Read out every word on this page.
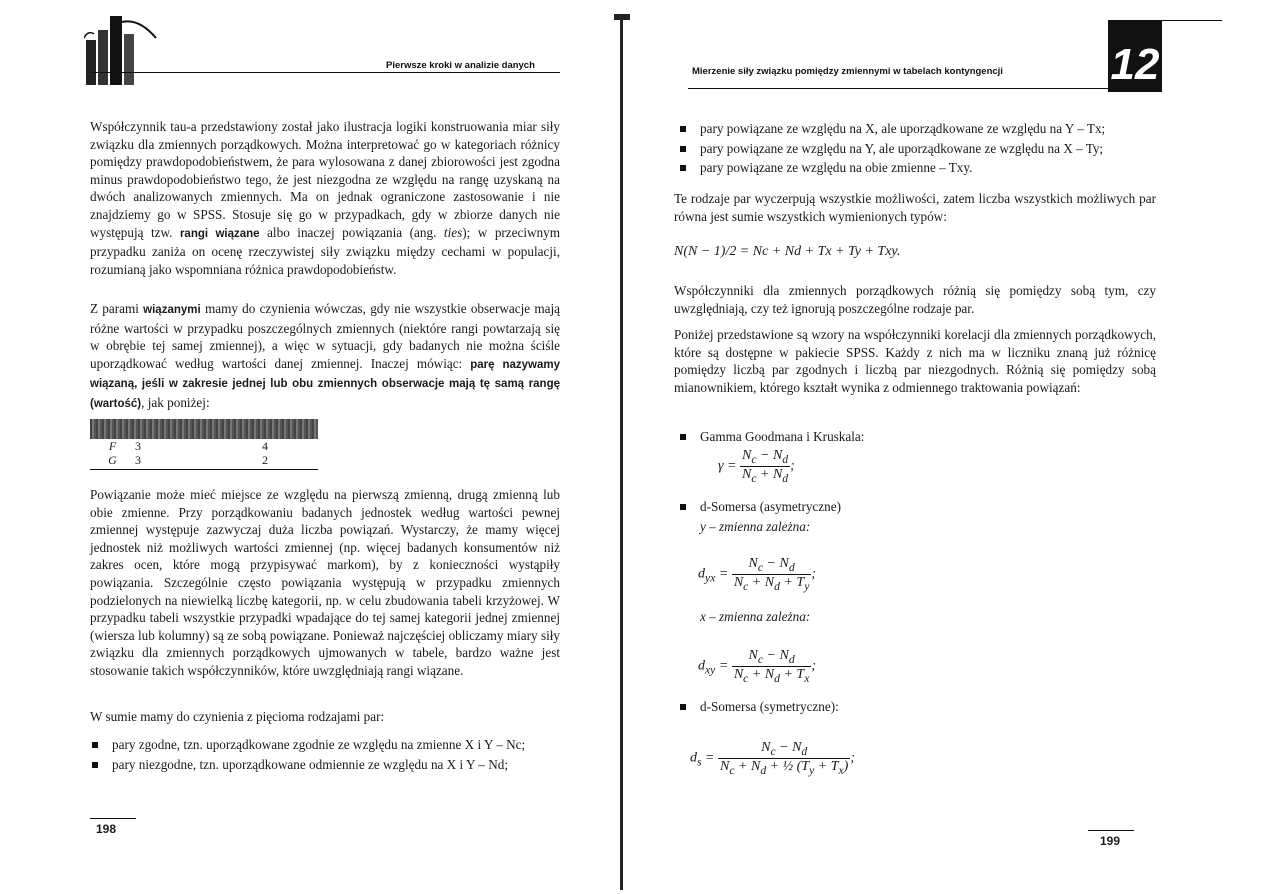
Pierwsze kroki w analizie danych

Współczynnik tau-a przedstawiony został jako ilustracja logiki konstruowania miar siły związku dla zmiennych porządkowych. Można interpretować go w kategoriach różnicy pomiędzy prawdopodobieństwem, że para wylosowana z danej zbiorowości jest zgodna minus prawdopodobieństwo tego, że jest niezgodna ze względu na rangę uzyskaną na dwóch analizowanych zmiennych. Ma on jednak ograniczone zastosowanie i nie znajdziemy go w SPSS. Stosuje się go w przypadkach, gdy w zbiorze danych nie występują tzw. rangi wiązane albo inaczej powiązania (ang. ties); w przeciwnym przypadku zaniża on ocenę rzeczywistej siły związku między cechami w populacji, rozumianą jako wspomniana różnica prawdopodobieństw.

Z parami wiązanymi mamy do czynienia wówczas, gdy nie wszystkie obserwacje mają różne wartości w przypadku poszczególnych zmiennych (niektóre rangi powtarzają się w obrębie tej samej zmiennej), a więc w sytuacji, gdy badanych nie można ściśle uporządkować według wartości danej zmiennej. Inaczej mówiąc: parę nazywamy wiązaną, jeśli w zakresie jednej lub obu zmiennych obserwacje mają tę samą rangę (wartość), jak poniżej:

F	3	4
G	3	2

Powiązanie może mieć miejsce ze względu na pierwszą zmienną, drugą zmienną lub obie zmienne. Przy porządkowaniu badanych jednostek według wartości pewnej zmiennej występuje zazwyczaj duża liczba powiązań. Wystarczy, że mamy więcej jednostek niż możliwych wartości zmiennej (np. więcej badanych konsumentów niż zakres ocen, które mogą przypisywać markom), by z konieczności wystąpiły powiązania. Szczególnie często powiązania występują w przypadku zmiennych podzielonych na niewielką liczbę kategorii, np. w celu zbudowania tabeli krzyżowej. W przypadku tabeli wszystkie przypadki wpadające do tej samej kategorii jednej zmiennej (wiersza lub kolumny) są ze sobą powiązane. Ponieważ najczęściej obliczamy miary siły związku dla zmiennych porządkowych ujmowanych w tabele, bardzo ważne jest stosowanie takich współczynników, które uwzględniają rangi wiązane.

W sumie mamy do czynienia z pięcioma rodzajami par:

pary zgodne, tzn. uporządkowane zgodnie ze względu na zmienne X i Y – Nc;
pary niezgodne, tzn. uporządkowane odmiennie ze względu na X i Y – Nd;
198
Mierzenie siły związku pomiędzy zmiennymi w tabelach kontyngencji 12
pary powiązane ze względu na X, ale uporządkowane ze względu na Y – Tx;
pary powiązane ze względu na Y, ale uporządkowane ze względu na X – Ty;
pary powiązane ze względu na obie zmienne – Txy.

Te rodzaje par wyczerpują wszystkie możliwości, zatem liczba wszystkich możliwych par równa jest sumie wszystkich wymienionych typów:

N(N − 1)/2 = Nc + Nd + Tx + Ty + Txy.

Współczynniki dla zmiennych porządkowych różnią się pomiędzy sobą tym, czy uwzględniają, czy też ignorują poszczególne rodzaje par.

Poniżej przedstawione są wzory na współczynniki korelacji dla zmiennych porządkowych, które są dostępne w pakiecie SPSS. Każdy z nich ma w liczniku znaną już różnicę pomiędzy liczbą par zgodnych i liczbą par niezgodnych. Różnią się pomiędzy sobą mianownikiem, którego kształt wynika z odmiennego traktowania powiązań:

Gamma Goodmana i Kruskala:
$\gamma = \frac{N_c - N_d}{N_c + N_d}$ ;
d-Somersa (asymetryczne)
y – zmienna zależna:
$d_{yx} = \frac{N_c - N_d}{N_c + N_d + T_y}$ ;
x – zmienna zależna:
$d_{xy} = \frac{N_c - N_d}{N_c + N_d + T_x}$ ;
d-Somersa (symetryczne):
$d_s = \frac{N_c - N_d}{N_c + N_d + \frac{1}{2} (T_y + T_x)}$ ;
199
